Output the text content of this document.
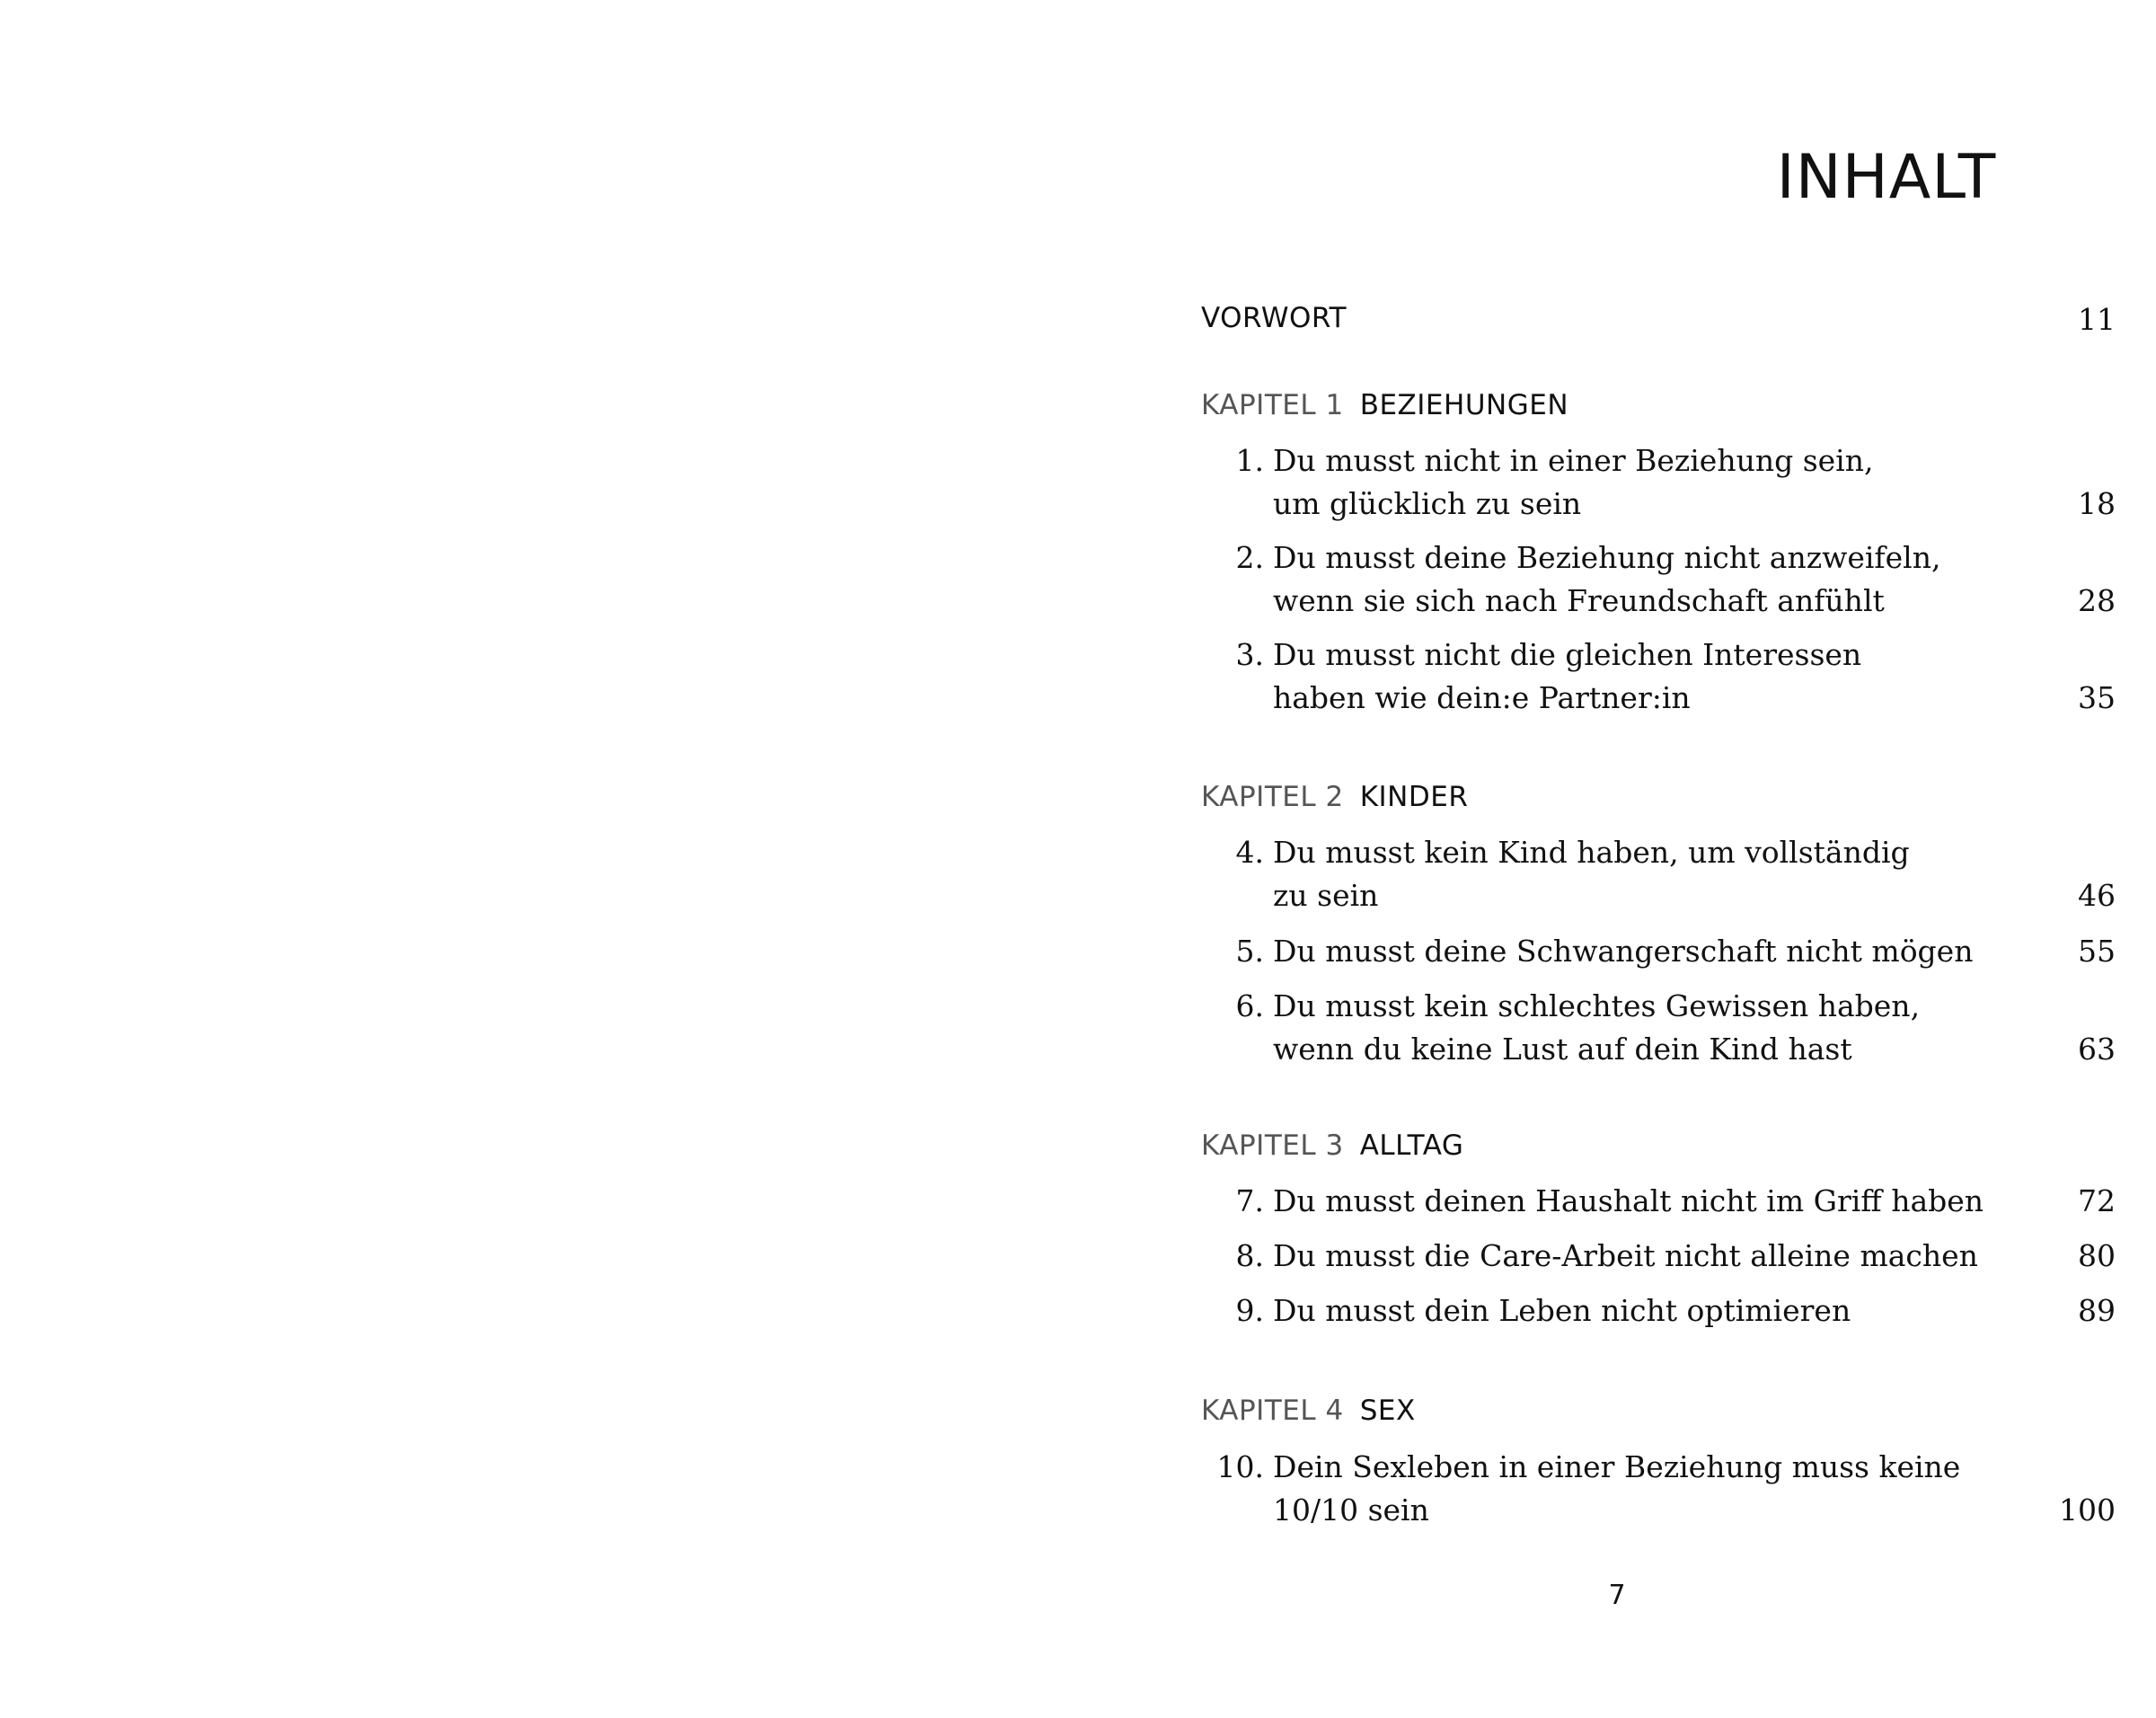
INHALT
VORWORT	11
KAPITEL 1 BEZIEHUNGEN
1. Du musst nicht in einer Beziehung sein,
um glücklich zu sein	18
2. Du musst deine Beziehung nicht anzweifeln,
wenn sie sich nach Freundschaft anfühlt	28
3. Du musst nicht die gleichen Interessen
haben wie dein:e Partner:in	35
KAPITEL 2 KINDER
4. Du musst kein Kind haben, um vollständig
zu sein	46
5. Du musst deine Schwangerschaft nicht mögen	55
6. Du musst kein schlechtes Gewissen haben,
wenn du keine Lust auf dein Kind hast	63
KAPITEL 3 ALLTAG
7. Du musst deinen Haushalt nicht im Griff haben	72
8. Du musst die Care-Arbeit nicht alleine machen	80
9. Du musst dein Leben nicht optimieren	89
KAPITEL 4 SEX
10. Dein Sexleben in einer Beziehung muss keine
10/10 sein	100
7
